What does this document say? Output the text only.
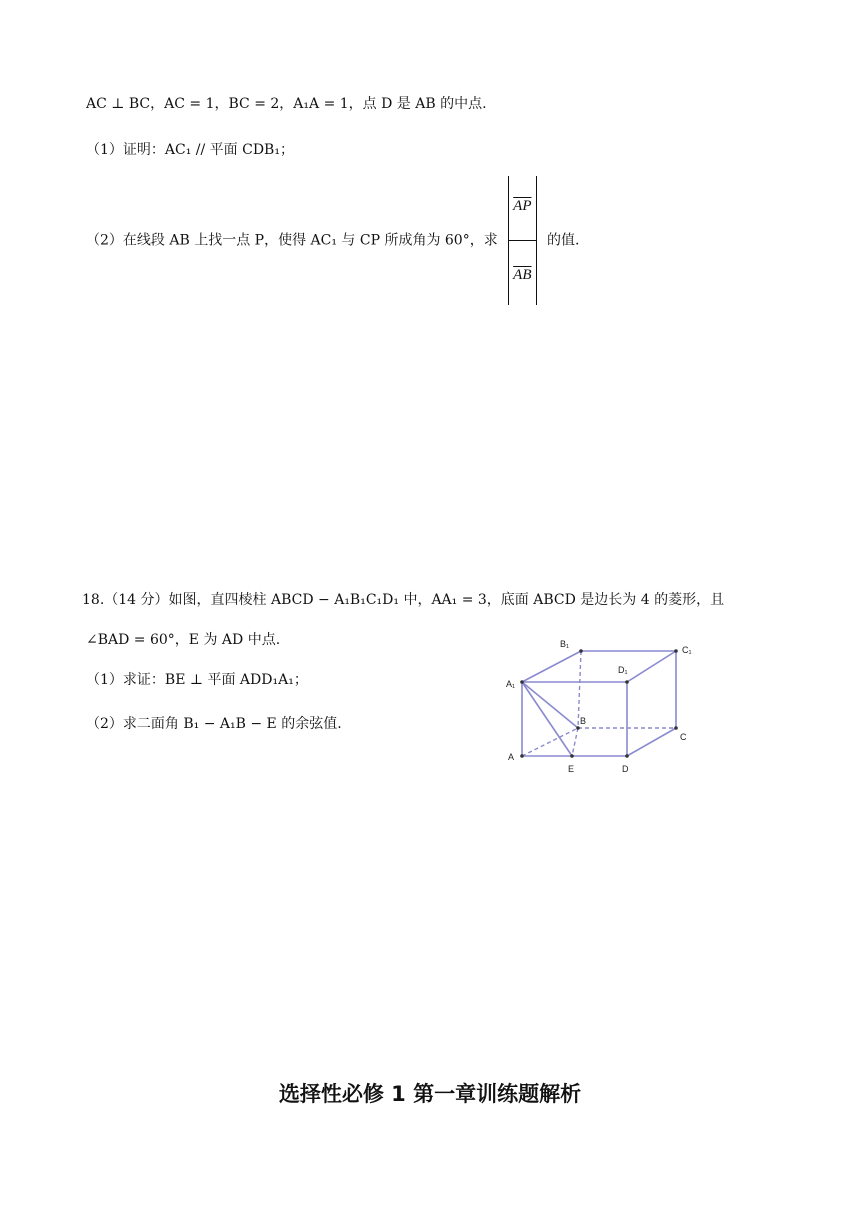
AC ⊥ BC，AC = 1，BC = 2，A₁A = 1，点 D 是 AB 的中点.
（1）证明：AC₁ // 平面 CDB₁；
（2）在线段 AB 上找一点 P，使得 AC₁ 与 CP 所成角为 60°，求 $\frac{\overline{AP}}{AB}$ 的值.
18.（14 分）如图，直四棱柱 ABCD − A₁B₁C₁D₁ 中，AA₁ = 3，底面 ABCD 是边长为 4 的菱形，且
∠BAD = 60°，E 为 AD 中点.
（1）求证：BE ⊥ 平面 ADD₁A₁；
（2）求二面角 B₁ − A₁B − E 的余弦值.
B₁
C₁
D₁
A₁
B
C
A
E	D
选择性必修 1 第一章训练题解析
